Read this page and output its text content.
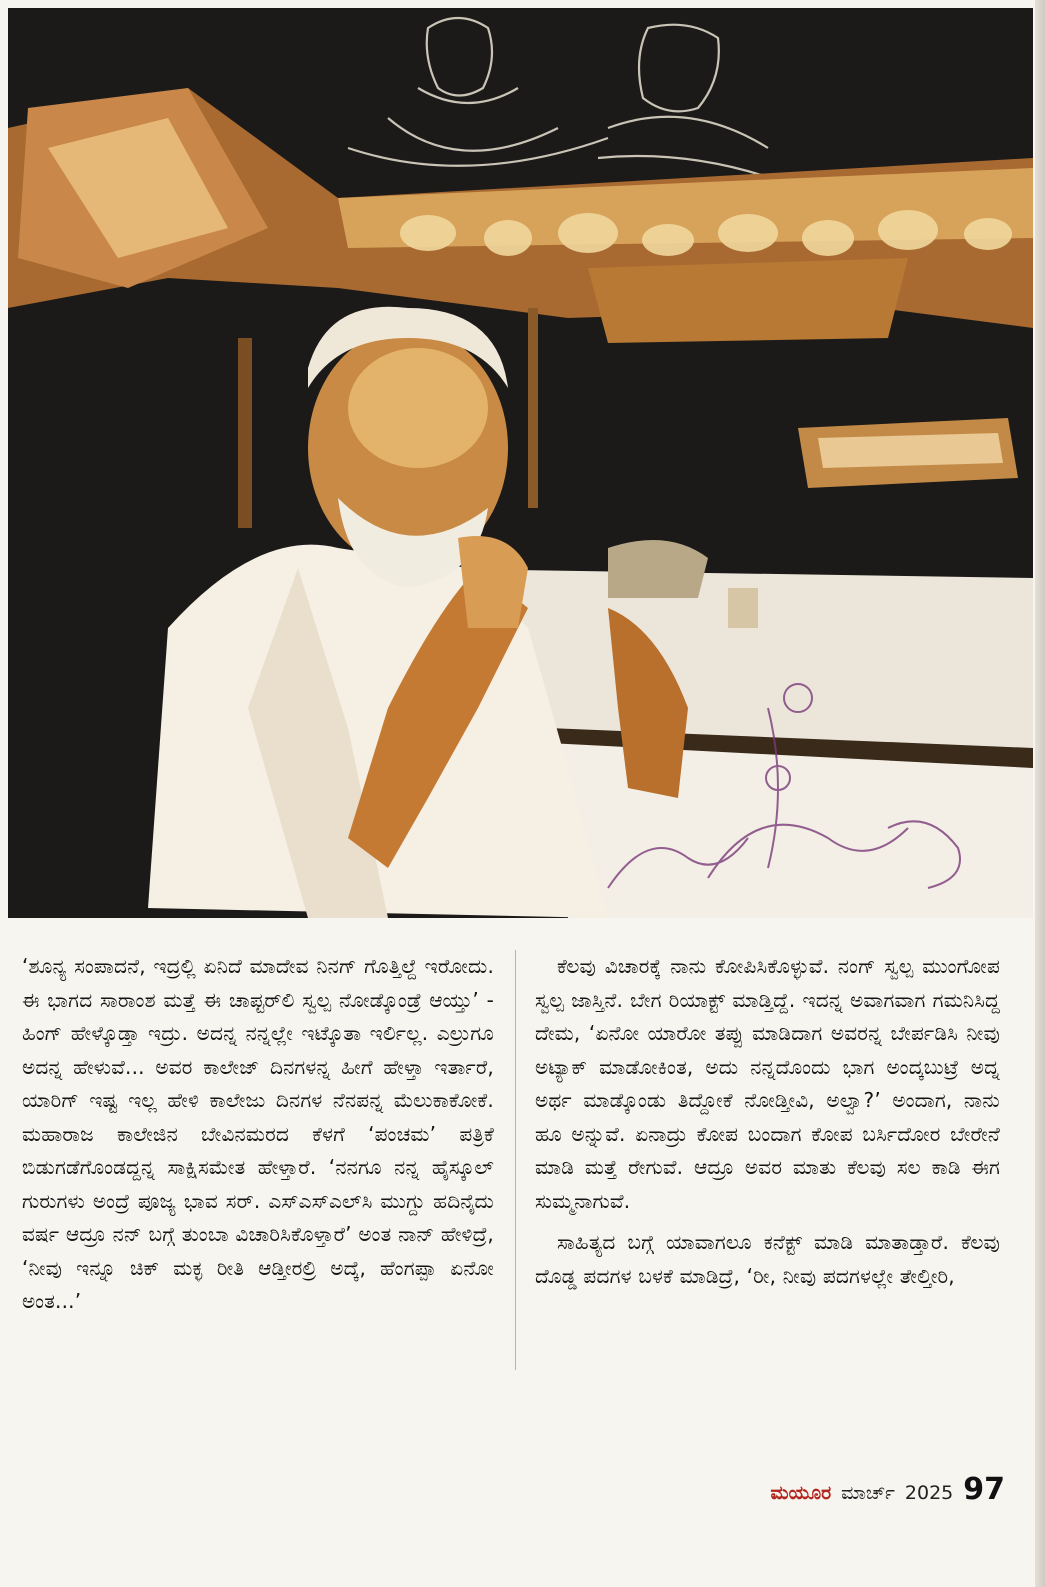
‘ಶೂನ್ಯ ಸಂಪಾದನೆ, ಇದ್ರಲ್ಲಿ ಏನಿದೆ ಮಾದೇವ ನಿನಗ್ ಗೊತ್ತಿಲ್ದೆ ಇರೋದು. ಈ ಭಾಗದ ಸಾರಾಂಶ ಮತ್ತೆ ಈ ಚಾಪ್ಟರ್‌ಲಿ ಸ್ವಲ್ಪ ನೋಡ್ಕೊಂಡ್ರೆ ಆಯ್ತು’ - ಹಿಂಗ್ ಹೇಳ್ಕೊಡ್ತಾ ಇದ್ರು. ಅದನ್ನ ನನ್ನಲ್ಲೇ ಇಟ್ಕೊತಾ ಇರ್ಲಿಲ್ಲ. ಎಲ್ರುಗೂ ಅದನ್ನ ಹೇಳುವೆ... ಅವರ ಕಾಲೇಜ್ ದಿನಗಳನ್ನ ಹೀಗೆ ಹೇಳ್ತಾ ಇರ್ತಾರೆ, ಯಾರಿಗ್ ಇಷ್ಟ ಇಲ್ಲ ಹೇಳಿ ಕಾಲೇಜು ದಿನಗಳ ನೆನಪನ್ನ ಮೆಲುಕಾಕೋಕೆ. ಮಹಾರಾಜ ಕಾಲೇಜಿನ ಬೇವಿನಮರದ ಕೆಳಗೆ ‘ಪಂಚಮ’ ಪತ್ರಿಕೆ ಬಿಡುಗಡೆಗೊಂಡದ್ದನ್ನ ಸಾಕ್ಷಿಸಮೇತ ಹೇಳ್ತಾರೆ. ‘ನನಗೂ ನನ್ನ ಹೈಸ್ಕೂಲ್ ಗುರುಗಳು ಅಂದ್ರೆ ಪೂಜ್ಯ ಭಾವ ಸರ್. ಎಸ್‌ಎಸ್‌ಎಲ್‌ಸಿ ಮುಗ್ದು ಹದಿನೈದು ವರ್ಷ ಆದ್ರೂ ನನ್ ಬಗ್ಗೆ ತುಂಬಾ ವಿಚಾರಿಸಿಕೊಳ್ತಾರೆ’ ಅಂತ ನಾನ್ ಹೇಳಿದ್ರೆ, ‘ನೀವು ಇನ್ನೂ ಚಿಕ್ ಮಕ್ಳ ರೀತಿ ಆಡ್ತೀರಲ್ರಿ ಅದ್ಕೆ, ಹೆಂಗಪ್ಪಾ ಏನೋ ಅಂತ...’

ಕೆಲವು ವಿಚಾರಕ್ಕೆ ನಾನು ಕೋಪಿಸಿಕೊಳ್ಳುವೆ. ನಂಗ್ ಸ್ವಲ್ಪ ಮುಂಗೋಪ ಸ್ವಲ್ಪ ಜಾಸ್ತಿನೆ. ಬೇಗ ರಿಯಾಕ್ಟ್ ಮಾಡ್ತಿದ್ದೆ. ಇದನ್ನ ಅವಾಗವಾಗ ಗಮನಿಸಿದ್ದ ದೇಮ, ‘ಏನೋ ಯಾರೋ ತಪ್ಪು ಮಾಡಿದಾಗ ಅವರನ್ನ ಬೇರ್ಪಡಿಸಿ ನೀವು ಅಟ್ಯಾಕ್ ಮಾಡೋಕಿಂತ, ಅದು ನನ್ನದೊಂದು ಭಾಗ ಅಂದ್ಕಬುಟ್ರೆ ಅದ್ನ ಅರ್ಥ ಮಾಡ್ಕೊಂಡು ತಿದ್ದೋಕೆ ನೋಡ್ತೀವಿ, ಅಲ್ವಾ?’ ಅಂದಾಗ, ನಾನು ಹೂ ಅನ್ನುವೆ. ಏನಾದ್ರು ಕೋಪ ಬಂದಾಗ ಕೋಪ ಬರ್ಸಿದೋರ ಬೇರೇನೆ ಮಾಡಿ ಮತ್ತೆ ರೇಗುವೆ. ಆದ್ರೂ ಅವರ ಮಾತು ಕೆಲವು ಸಲ ಕಾಡಿ ಈಗ ಸುಮ್ಮನಾಗುವೆ.

ಸಾಹಿತ್ಯದ ಬಗ್ಗೆ ಯಾವಾಗಲೂ ಕನೆಕ್ಟ್ ಮಾಡಿ ಮಾತಾಡ್ತಾರೆ. ಕೆಲವು ದೊಡ್ಡ ಪದಗಳ ಬಳಕೆ ಮಾಡಿದ್ರೆ, ‘ರೀ, ನೀವು ಪದಗಳಲ್ಲೇ ತೇಲ್ತೀರಿ,

ಮಯೂರ ಮಾರ್ಚ್ 2025 97
